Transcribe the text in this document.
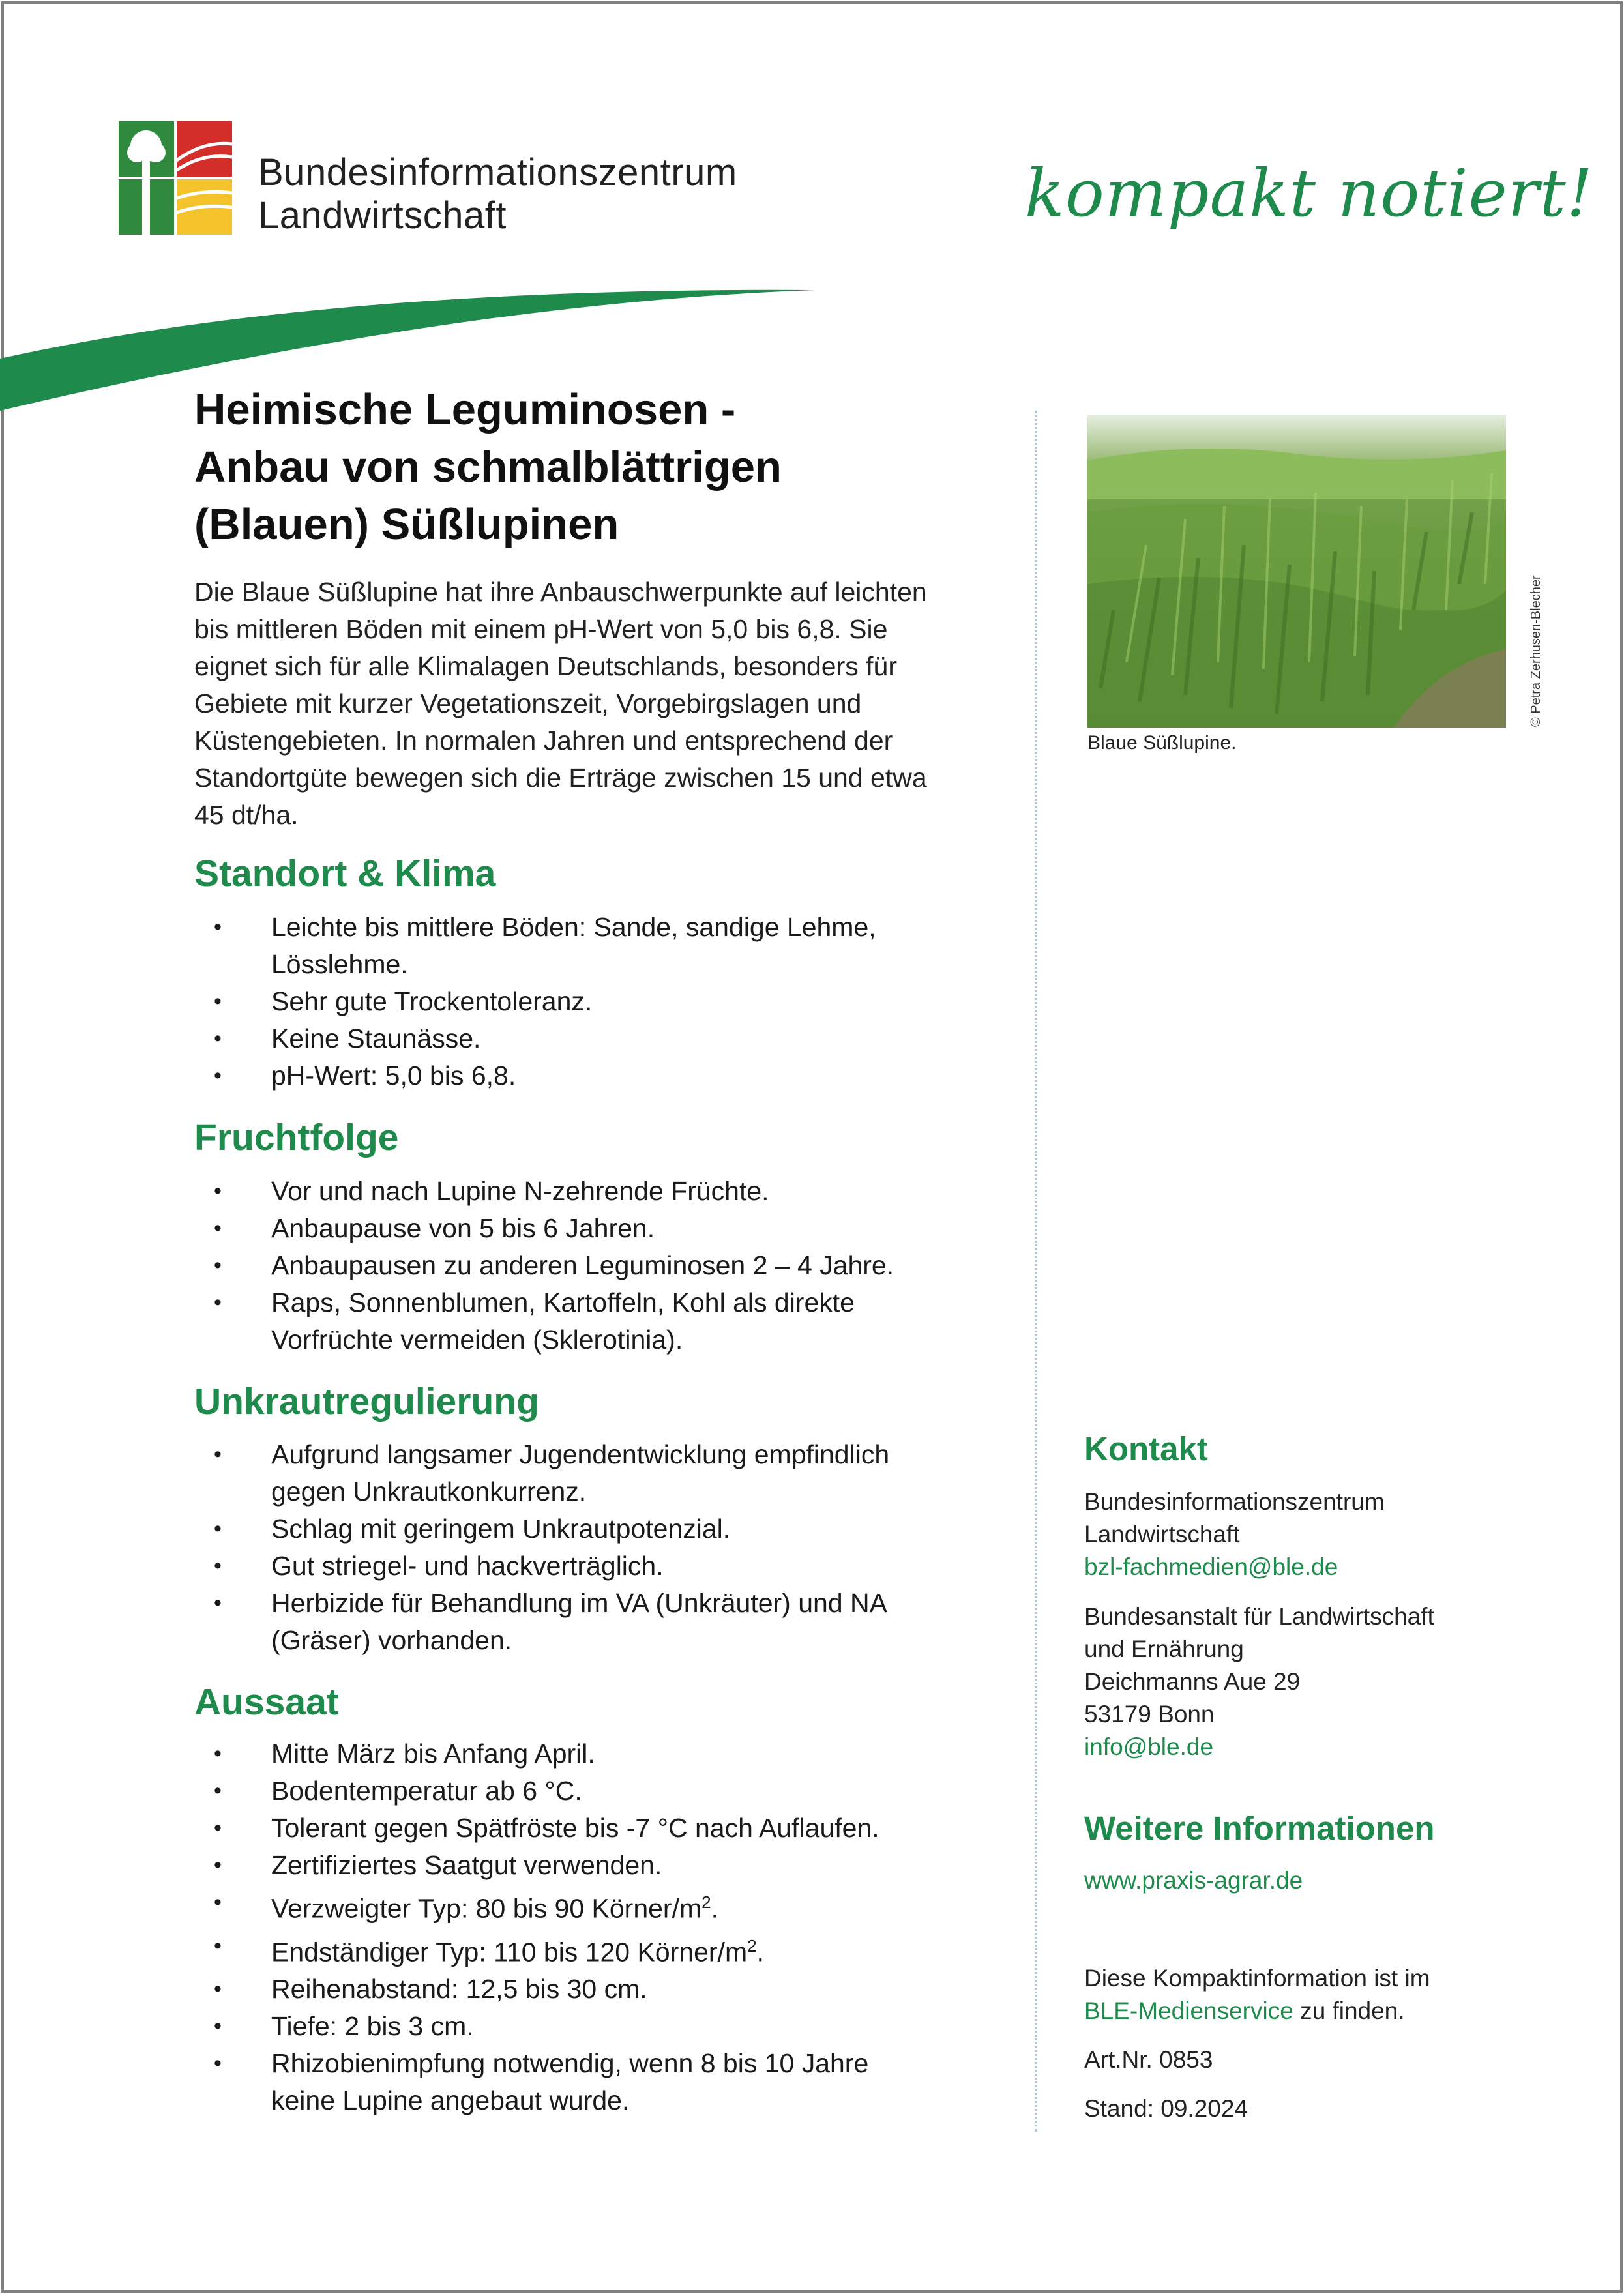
Bundesinformationszentrum
Landwirtschaft	kompakt notiert!
Heimische Leguminosen -
Anbau von schmalblättrigen
(Blauen) Süßlupinen
Die Blaue Süßlupine hat ihre Anbauschwerpunkte auf leichten
bis mittleren Böden mit einem pH-Wert von 5,0 bis 6,8. Sie
eignet sich für alle Klimalagen Deutschlands, besonders für
Gebiete mit kurzer Vegetationszeit, Vorgebirgslagen und
Küstengebieten. In normalen Jahren und entsprechend der
Standortgüte bewegen sich die Erträge zwischen 15 und etwa
45 dt/ha.
Standort & Klima
• Leichte bis mittlere Böden: Sande, sandige Lehme, Lösslehme.
• Sehr gute Trockentoleranz.
• Keine Staunässe.
• pH-Wert: 5,0 bis 6,8.
Fruchtfolge
• Vor und nach Lupine N-zehrende Früchte.
• Anbaupause von 5 bis 6 Jahren.
• Anbaupausen zu anderen Leguminosen 2 – 4 Jahre.
• Raps, Sonnenblumen, Kartoffeln, Kohl als direkte Vorfrüchte vermeiden (Sklerotinia).
Unkrautregulierung
• Aufgrund langsamer Jugendentwicklung empfindlich gegen Unkrautkonkurrenz.
• Schlag mit geringem Unkrautpotenzial.
• Gut striegel- und hackverträglich.
• Herbizide für Behandlung im VA (Unkräuter) und NA (Gräser) vorhanden.
Aussaat
• Mitte März bis Anfang April.
• Bodentemperatur ab 6 °C.
• Tolerant gegen Spätfröste bis -7 °C nach Auflaufen.
• Zertifiziertes Saatgut verwenden.
• Verzweigter Typ: 80 bis 90 Körner/$m^2$.
• Endständiger Typ: 110 bis 120 Körner/$m^2$.
• Reihenabstand: 12,5 bis 30 cm.
• Tiefe: 2 bis 3 cm.
• Rhizobienimpfung notwendig, wenn 8 bis 10 Jahre keine Lupine angebaut wurde.
© Petra Zerhusen-Blecher
Blaue Süßlupine.
Kontakt
Bundesinformationszentrum
Landwirtschaft
bzl-fachmedien@ble.de
Bundesanstalt für Landwirtschaft
und Ernährung
Deichmanns Aue 29
53179 Bonn
info@ble.de
Weitere Informationen
www.praxis-agrar.de
Diese Kompaktinformation ist im
BLE-Medienservice zu finden.
Art.Nr. 0853
Stand: 09.2024
